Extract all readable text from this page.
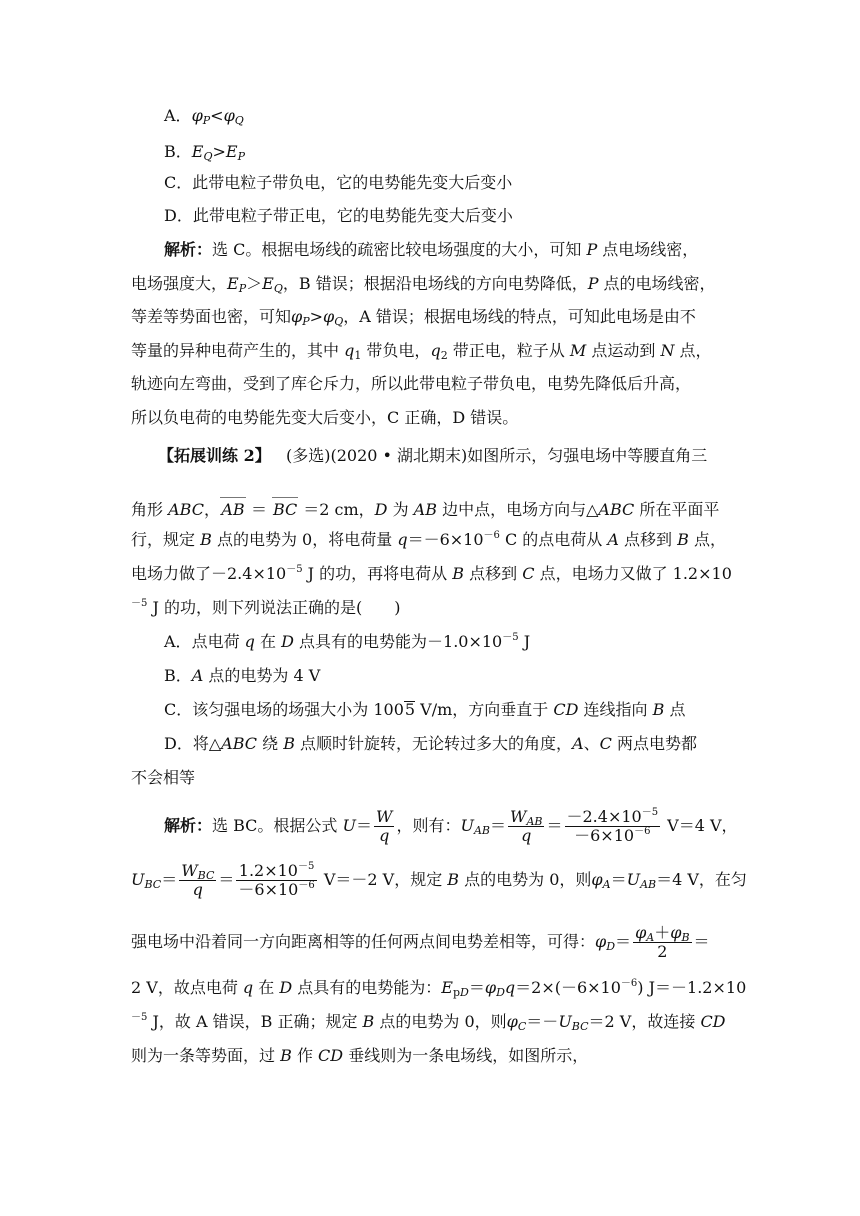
A．$\varphi_P<\varphi_Q$
B．$E_Q>E_P$
C．此带电粒子带负电，它的电势能先变大后变小
D．此带电粒子带正电，它的电势能先变大后变小
解析：选 C。根据电场线的疏密比较电场强度的大小，可知 P 点电场线密，
电场强度大，$E_P>E_Q$，B 错误；根据沿电场线的方向电势降低，P 点的电场线密，
等差等势面也密，可知$\varphi_P>\varphi_Q$，A 错误；根据电场线的特点，可知此电场是由不
等量的异种电荷产生的，其中 $q_1$ 带负电，$q_2$ 带正电，粒子从 M 点运动到 N 点，
轨迹向左弯曲，受到了库仑斥力，所以此带电粒子带负电，电势先降低后升高，
所以负电荷的电势能先变大后变小，C 正确，D 错误。
【拓展训练 2】 (多选)(2020 • 湖北期末)如图所示，匀强电场中等腰直角三
角形 ABC，
AB ＝
BC ＝2 cm，D 为 AB 边中点，电场方向与△ABC 所在平面平
行，规定 B 点的电势为 0，将电荷量 $q=-6\times 10^{-6}$ C 的点电荷从 A 点移到 B 点，
电场力做了$-2.4\times 10^{-5}$ J 的功，再将电荷从 B 点移到 C 点，电场力又做了 1.2×10
$^{-5}$ J 的功，则下列说法正确的是(　　)
A．点电荷 q 在 D 点具有的电势能为$-1.0\times 10^{-5}$ J
B．A 点的电势为 4 V
C．该匀强电场的场强大小为 1005 V/m，方向垂直于 CD 连线指向 B 点
D．将△ABC 绕 B 点顺时针旋转，无论转过多大的角度，A、C 两点电势都
不会相等
解析：选 BC。根据公式 $U= \frac{W}{q}$ ，则有：$U_{AB}= \frac{W_{AB}}{q} = \frac{-2.4\times 10^{-5}}{-6\times 10^{-6}} V=4$ V，
$U_{BC}= \frac{W_{BC}}{q} = \frac{1.2\times 10^{-5}}{-6\times 10^{-6}} V=-2$ V，规定 B 点的电势为 0，则$\varphi_A=U_{AB}=4$ V，在匀
强电场中沿着同一方向距离相等的任何两点间电势差相等，可得：$\varphi_D= \frac{\varphi_A+\varphi_B}{2}$ ＝
2 V，故点电荷 q 在 D 点具有的电势能为：$E_{pD}=\varphi_Dq=2\times(-6\times 10^{-6})$ J＝－1.2×10
$^{-5}$ J，故 A 错误，B 正确；规定 B 点的电势为 0，则$\varphi_C=-U_{BC}=2$ V，故连接 CD
则为一条等势面，过 B 作 CD 垂线则为一条电场线，如图所示，
